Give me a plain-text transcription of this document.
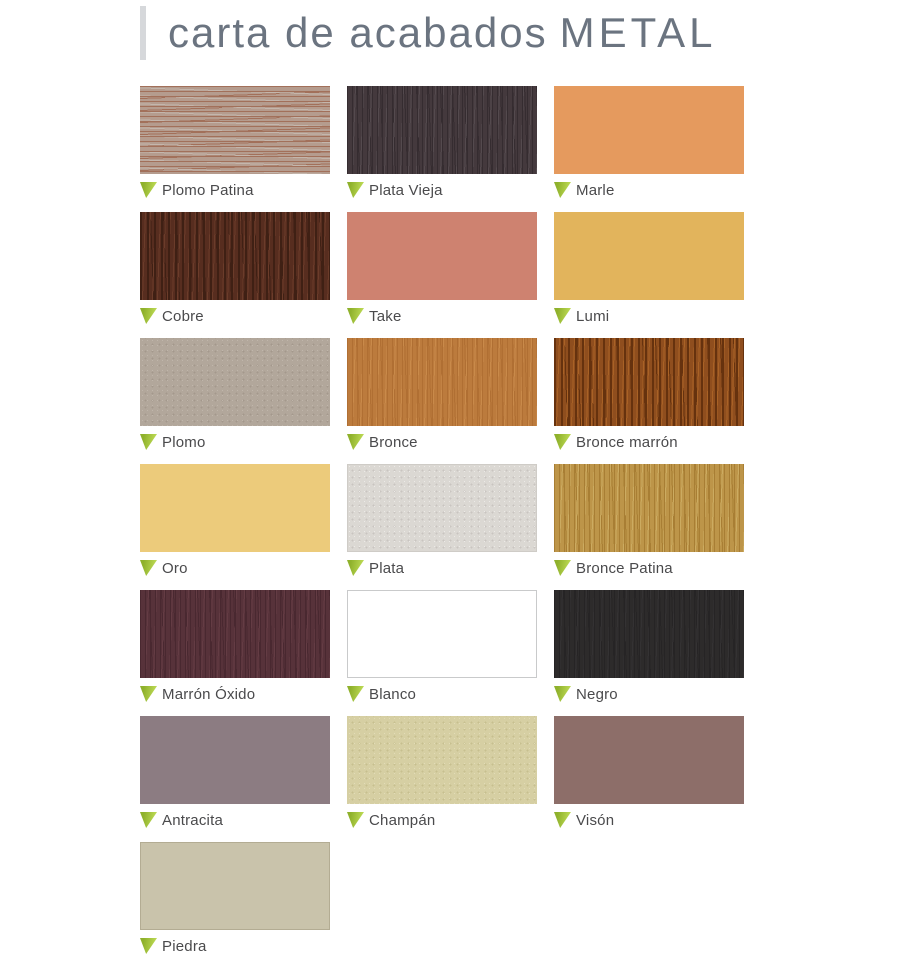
carta de acabados METAL
Plomo Patina	Plata Vieja	Marle
Cobre	Take	Lumi
Plomo	Bronce	Bronce marrón
Oro	Plata	Bronce Patina
Marrón Óxido	Blanco	Negro
Antracita	Champán	Visón
Piedra
